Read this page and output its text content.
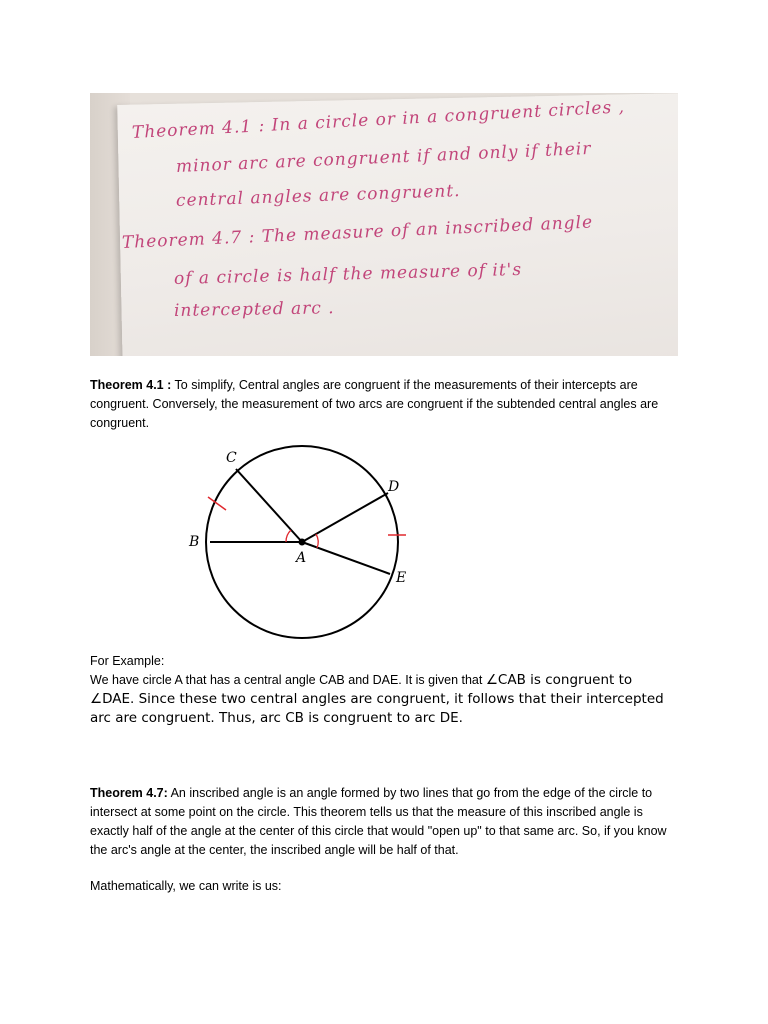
Theorem 4.1 : In a circle or in a congruent circles ,
minor arc are congruent if and only if their
central angles are congruent.
Theorem 4.7 : The measure of an inscribed angle
of a circle is half the measure of it's
intercepted arc .
Theorem 4.1 : To simplify, Central angles are congruent if the measurements of their intercepts are congruent. Conversely, the measurement of two arcs are congruent if the subtended central angles are congruent.
C
D
B
A
E
For Example:
We have circle A that has a central angle CAB and DAE. It is given that ∠CAB is congruent to ∠DAE. Since these two central angles are congruent, it follows that their intercepted arc are congruent. Thus, arc CB is congruent to arc DE.
Theorem 4.7: An inscribed angle is an angle formed by two lines that go from the edge of the circle to intersect at some point on the circle. This theorem tells us that the measure of this inscribed angle is exactly half of the angle at the center of this circle that would "open up" to that same arc. So, if you know the arc's angle at the center, the inscribed angle will be half of that.
Mathematically, we can write is us:
